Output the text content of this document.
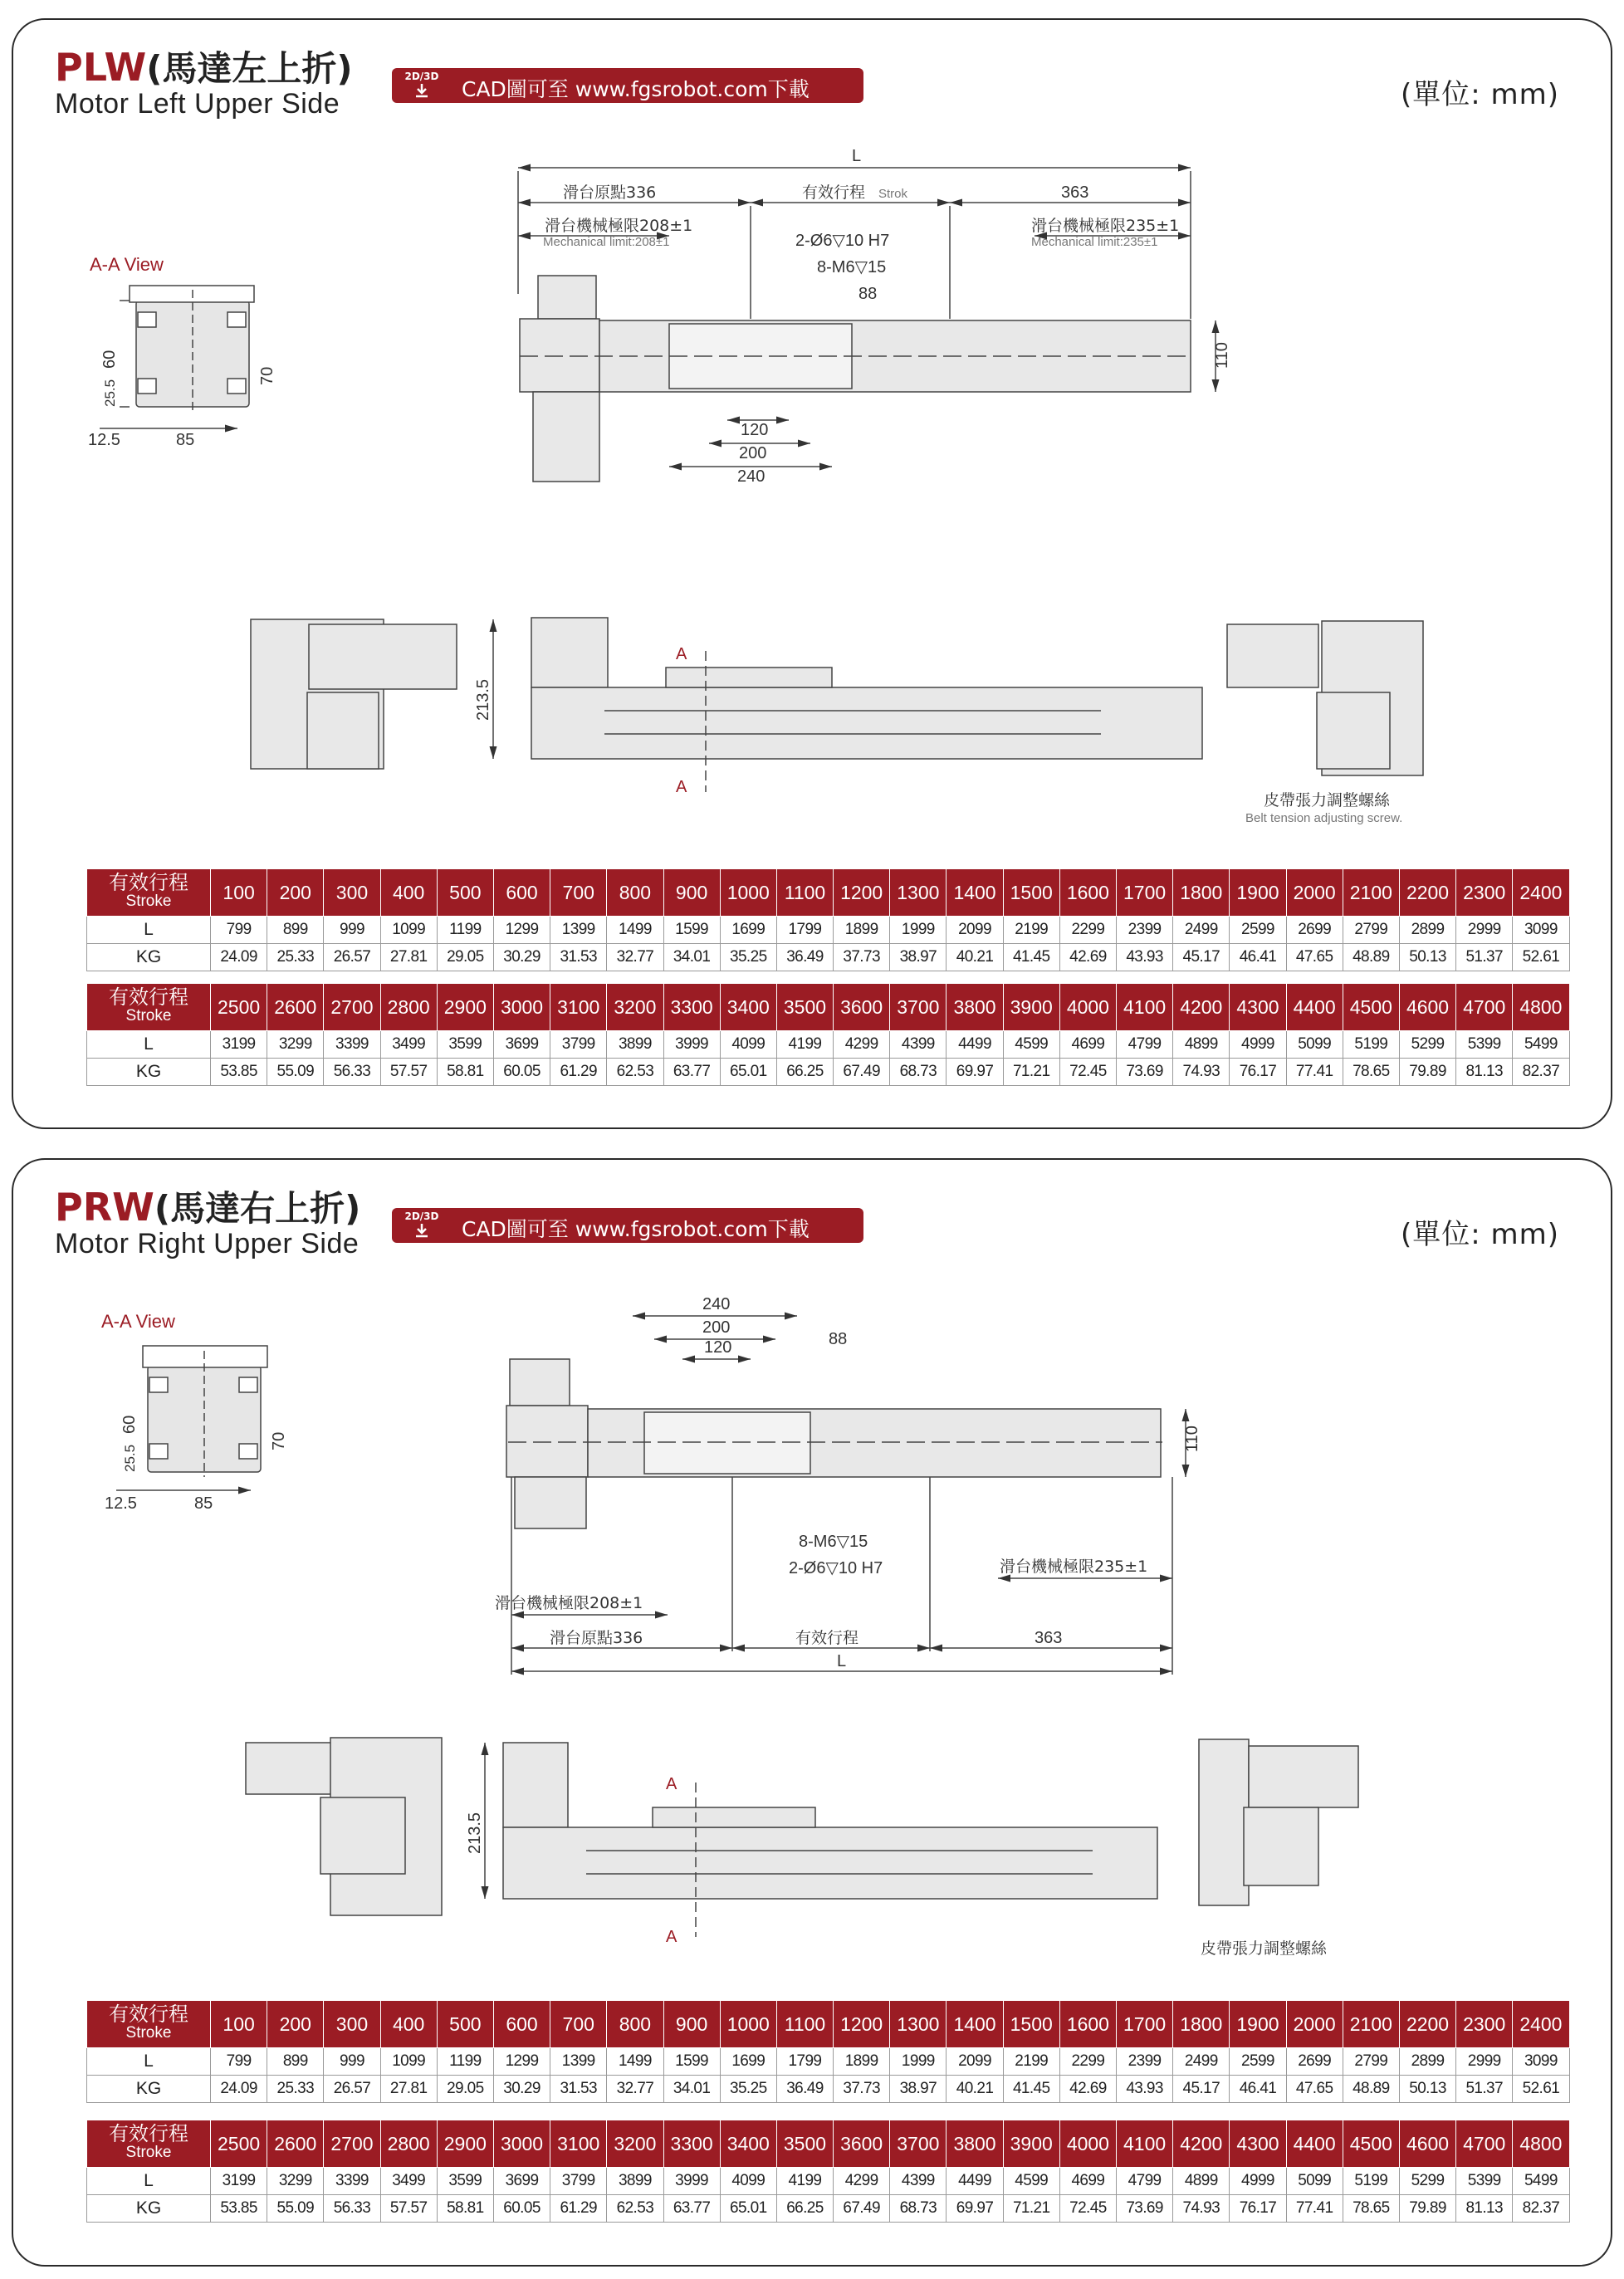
PLW(馬達左上折)
Motor Left Upper Side
2D/3D
CAD圖可至 www.fgsrobot.com下載	(單位: mm)
A-A View
60
25.5
70
12.5	85
L
滑台原點336	有效行程 Strok	363
滑台機械極限208±1
Mechanical limit:208±1
滑台機械極限235±1
Mechanical limit:235±1
2-Ø6▽10 H7
8-M6▽15
88
110
120
200
240
213.5
A
A
皮帶張力調整螺絲
Belt tension adjusting screw.
有效行程
Stroke	100	200	300	400	500	600	700	800	900	1000	1100	1200	1300	1400	1500	1600	1700	1800	1900	2000	2100	2200	2300	2400
L	799	899	999	1099	1199	1299	1399	1499	1599	1699	1799	1899	1999	2099	2199	2299	2399	2499	2599	2699	2799	2899	2999	3099
KG	24.09	25.33	26.57	27.81	29.05	30.29	31.53	32.77	34.01	35.25	36.49	37.73	38.97	40.21	41.45	42.69	43.93	45.17	46.41	47.65	48.89	50.13	51.37	52.61
有效行程
Stroke	2500	2600	2700	2800	2900	3000	3100	3200	3300	3400	3500	3600	3700	3800	3900	4000	4100	4200	4300	4400	4500	4600	4700	4800
L	3199	3299	3399	3499	3599	3699	3799	3899	3999	4099	4199	4299	4399	4499	4599	4699	4799	4899	4999	5099	5199	5299	5399	5499
KG	53.85	55.09	56.33	57.57	58.81	60.05	61.29	62.53	63.77	65.01	66.25	67.49	68.73	69.97	71.21	72.45	73.69	74.93	76.17	77.41	78.65	79.89	81.13	82.37
PRW(馬達右上折)
Motor Right Upper Side
2D/3D
CAD圖可至 www.fgsrobot.com下載	(單位: mm)
A-A View
60
25.5
70
12.5	85
240
200
120	88
110
8-M6▽15
2-Ø6▽10 H7
滑台機械極限208±1
滑台機械極限235±1
滑台原點336	有效行程	363
L
213.5
A
A
皮帶張力調整螺絲
有效行程
Stroke	100	200	300	400	500	600	700	800	900	1000	1100	1200	1300	1400	1500	1600	1700	1800	1900	2000	2100	2200	2300	2400
L	799	899	999	1099	1199	1299	1399	1499	1599	1699	1799	1899	1999	2099	2199	2299	2399	2499	2599	2699	2799	2899	2999	3099
KG	24.09	25.33	26.57	27.81	29.05	30.29	31.53	32.77	34.01	35.25	36.49	37.73	38.97	40.21	41.45	42.69	43.93	45.17	46.41	47.65	48.89	50.13	51.37	52.61
有效行程
Stroke	2500	2600	2700	2800	2900	3000	3100	3200	3300	3400	3500	3600	3700	3800	3900	4000	4100	4200	4300	4400	4500	4600	4700	4800
L	3199	3299	3399	3499	3599	3699	3799	3899	3999	4099	4199	4299	4399	4499	4599	4699	4799	4899	4999	5099	5199	5299	5399	5499
KG	53.85	55.09	56.33	57.57	58.81	60.05	61.29	62.53	63.77	65.01	66.25	67.49	68.73	69.97	71.21	72.45	73.69	74.93	76.17	77.41	78.65	79.89	81.13	82.37
